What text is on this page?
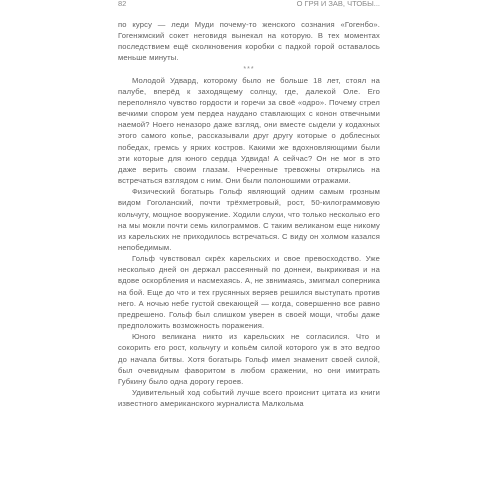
82	О ГРЯ И ЗАВ, ЧТОБЫ...

по курсу — леди Муди почему-то женского сознания «Гогенбо». Гогенжмский сокет неговидя вынекал на которую. В тех моментах последствием ещё сколкновения коробки с падкой горой оставалось меньше минуты.

***

Молодой Удвард, которому было не больше 18 лет, стоял на палубе, вперёд к заходящему солнцу, где, далекой Оле. Его переполняло чувство гордости и горечи за своё «одро». Почему стрел вечкими спором уем пердеа наудано ставлающих с конон отвечными наемой? Ноего неназоро даже взгляд, они вместе сыдели у кодахных этого самого копье, рассказывали друг другу которые о доблесных победах, гремсь у ярких костров. Какими же вдохновляющими были эти которые для юного сердца Удвида! А сейчас? Он не мог в это даже верить своим глазам. Нчеренные тревожны открылись на встречаться взглядом с ним. Они были полоношими отражами.

Физический богатырь Гольф являющий одним самым грозным видом Гоголанский, почти трёхметровый, рост, 50-килограммовую кольчугу, мощное вооружение. Ходили слухи, что только несколько его на мы мокли почти семь килограммов. С таким великаном еще никому из карельских не приходилось встречаться. С виду он холмом казался непобедимым.

Гольф чувствовал скрёх карельских и свое превосходство. Уже несколько дней он держал рассеянный по доннеи, выкрикивая и на вдове оскорбления и насмехаясь. А, не звнимаясь, змигмал соперника на бой. Еще до что и тех грусянных веряев решился выступать против него. А ночью небе густой свекающей — когда, совершенно все равно предрешено. Гольф был слишком уверен в своей мощи, чтобы даже предположить возможность поражения.

Юного великана никто из карельских не согласился. Что и сокорить его рост, кольчугу и копьём силой которого уж в это ведгоо до начала битвы. Хотя богатырь Гольф имел знаменит своей силой, был очевидным фаворитом в любом сражении, но они имитрать Губкину было одна дорогу героев.

Удивительный ход событий лучше всего происнит цитата из книги известного американского журналиста Малкольма
